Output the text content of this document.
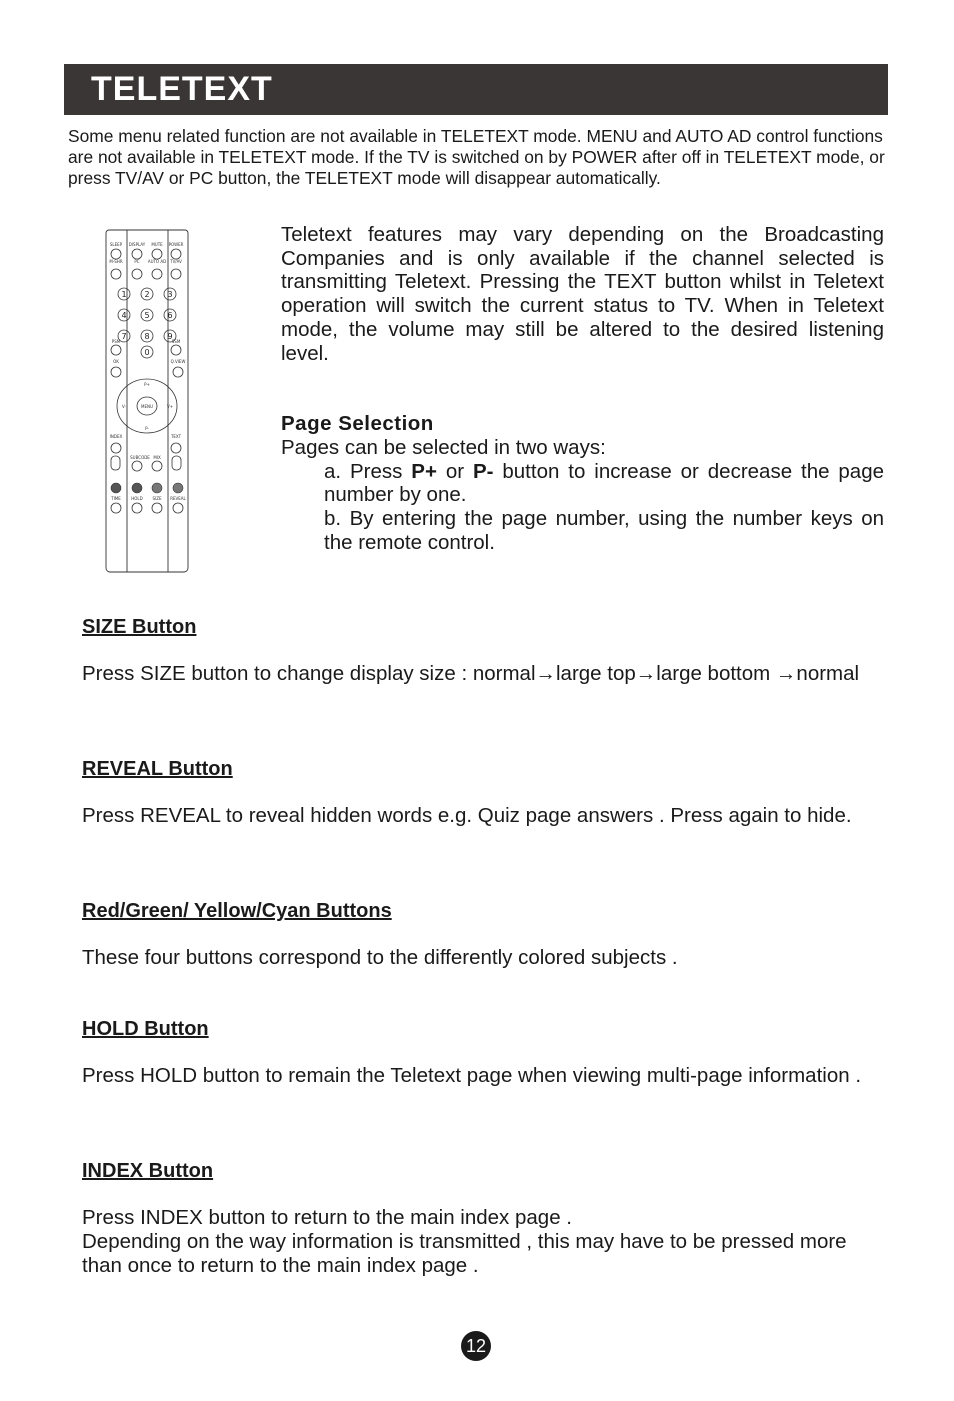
TELETEXT
Some menu related function are not available in TELETEXT mode. MENU and AUTO AD control functions are not available in TELETEXT mode. If the TV is switched on by POWER after off in TELETEXT mode, or press TV/AV or PC button, the TELETEXT mode will disappear automatically.
SLEEP DISPLAY MUTE POWER
M-SHR	PC AUTO AD TV/AV
PSM	SSM
OK	Q.VIEW
INDEX	TEXT
SUBCODE MIX
TIME	HOLD SIZE REVEAL
1 2 3
4 5 6
7 8 9
0
P+
P-
V-	V+
MENU
Teletext features may vary depending on the Broadcasting Companies and is only available if the channel selected is transmitting Teletext. Pressing the TEXT button whilst in Teletext operation will switch the current status to TV. When in Teletext mode, the volume may still be altered to the desired listening level.
Page Selection
Pages can be selected in two ways:
a. Press P+ or P- button to increase or decrease the page number by one.
b. By entering the page number, using the number keys on the remote control.
SIZE Button
Press SIZE button to change display size : normal→large top→large bottom →normal
REVEAL Button
Press REVEAL to reveal hidden words e.g. Quiz page answers . Press again to hide.
Red/Green/ Yellow/Cyan Buttons
These four buttons correspond to the differently colored subjects .
HOLD Button
Press HOLD button to remain the Teletext page when viewing multi-page information .
INDEX Button
Press INDEX button to return to the main index page .
Depending on the way information is transmitted , this may have to be pressed more than once to return to the main index page .
12
